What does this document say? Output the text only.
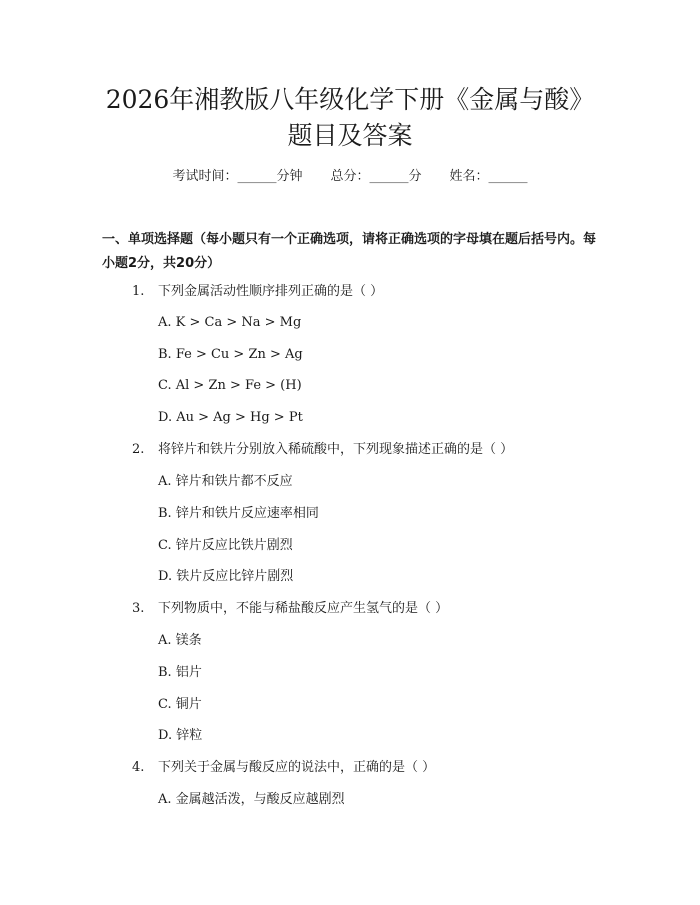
2026年湘教版八年级化学下册《金属与酸》
题目及答案
考试时间：______分钟 总分：______分 姓名：______
一、单项选择题（每小题只有一个正确选项，请将正确选项的字母填在题后括号内。每小题2分，共20分）
1. 下列金属活动性顺序排列正确的是（ ）
A. K > Ca > Na > Mg
B. Fe > Cu > Zn > Ag
C. Al > Zn > Fe > (H)
D. Au > Ag > Hg > Pt
2. 将锌片和铁片分别放入稀硫酸中，下列现象描述正确的是（ ）
A. 锌片和铁片都不反应
B. 锌片和铁片反应速率相同
C. 锌片反应比铁片剧烈
D. 铁片反应比锌片剧烈
3. 下列物质中，不能与稀盐酸反应产生氢气的是（ ）
A. 镁条
B. 铝片
C. 铜片
D. 锌粒
4. 下列关于金属与酸反应的说法中，正确的是（ ）
A. 金属越活泼，与酸反应越剧烈
